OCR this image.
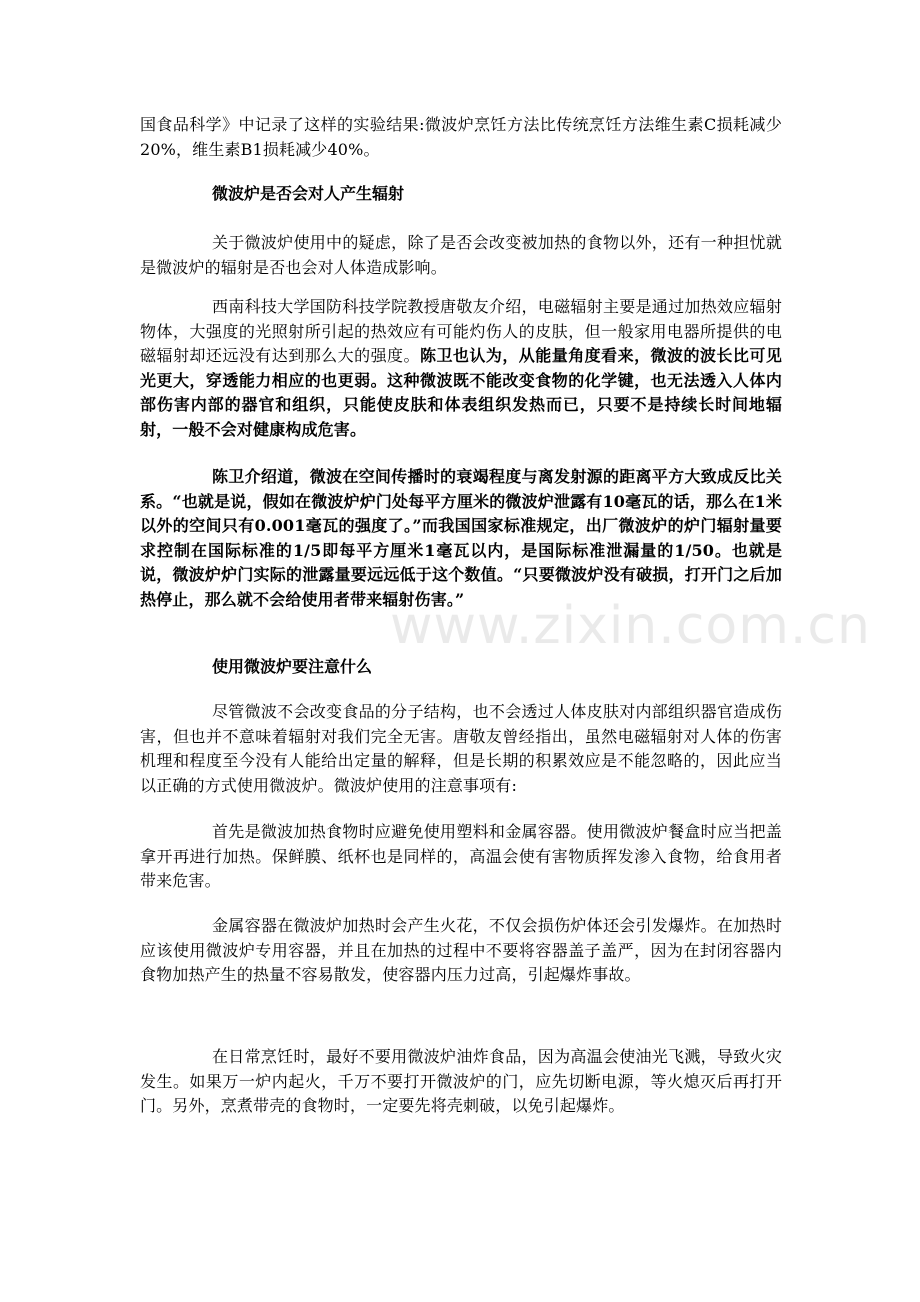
国食品科学》中记录了这样的实验结果:微波炉烹饪方法比传统烹饪方法维生素C损耗减少20%，维生素B1损耗减少40%。
微波炉是否会对人产生辐射
关于微波炉使用中的疑虑，除了是否会改变被加热的食物以外，还有一种担忧就是微波炉的辐射是否也会对人体造成影响。
西南科技大学国防科技学院教授唐敬友介绍，电磁辐射主要是通过加热效应辐射物体，大强度的光照射所引起的热效应有可能灼伤人的皮肤，但一般家用电器所提供的电磁辐射却还远没有达到那么大的强度。陈卫也认为，从能量角度看来，微波的波长比可见光更大，穿透能力相应的也更弱。这种微波既不能改变食物的化学键，也无法透入人体内部伤害内部的器官和组织，只能使皮肤和体表组织发热而已，只要不是持续长时间地辐射，一般不会对健康构成危害。
陈卫介绍道，微波在空间传播时的衰竭程度与离发射源的距离平方大致成反比关系。“也就是说，假如在微波炉炉门处每平方厘米的微波炉泄露有10毫瓦的话，那么在1米以外的空间只有0.001毫瓦的强度了。”而我国国家标准规定，出厂微波炉的炉门辐射量要求控制在国际标准的1/5即每平方厘米1毫瓦以内，是国际标准泄漏量的1/50。也就是说，微波炉炉门实际的泄露量要远远低于这个数值。“只要微波炉没有破损，打开门之后加热停止，那么就不会给使用者带来辐射伤害。”
使用微波炉要注意什么
尽管微波不会改变食品的分子结构，也不会透过人体皮肤对内部组织器官造成伤害，但也并不意味着辐射对我们完全无害。唐敬友曾经指出，虽然电磁辐射对人体的伤害机理和程度至今没有人能给出定量的解释，但是长期的积累效应是不能忽略的，因此应当以正确的方式使用微波炉。微波炉使用的注意事项有:
首先是微波加热食物时应避免使用塑料和金属容器。使用微波炉餐盒时应当把盖拿开再进行加热。保鲜膜、纸杯也是同样的，高温会使有害物质挥发渗入食物，给食用者带来危害。
金属容器在微波炉加热时会产生火花，不仅会损伤炉体还会引发爆炸。在加热时应该使用微波炉专用容器，并且在加热的过程中不要将容器盖子盖严，因为在封闭容器内食物加热产生的热量不容易散发，使容器内压力过高，引起爆炸事故。
在日常烹饪时，最好不要用微波炉油炸食品，因为高温会使油光飞溅，导致火灾发生。如果万一炉内起火，千万不要打开微波炉的门，应先切断电源，等火熄灭后再打开门。另外，烹煮带壳的食物时，一定要先将壳刺破，以免引起爆炸。
www.zixin.com.cn
